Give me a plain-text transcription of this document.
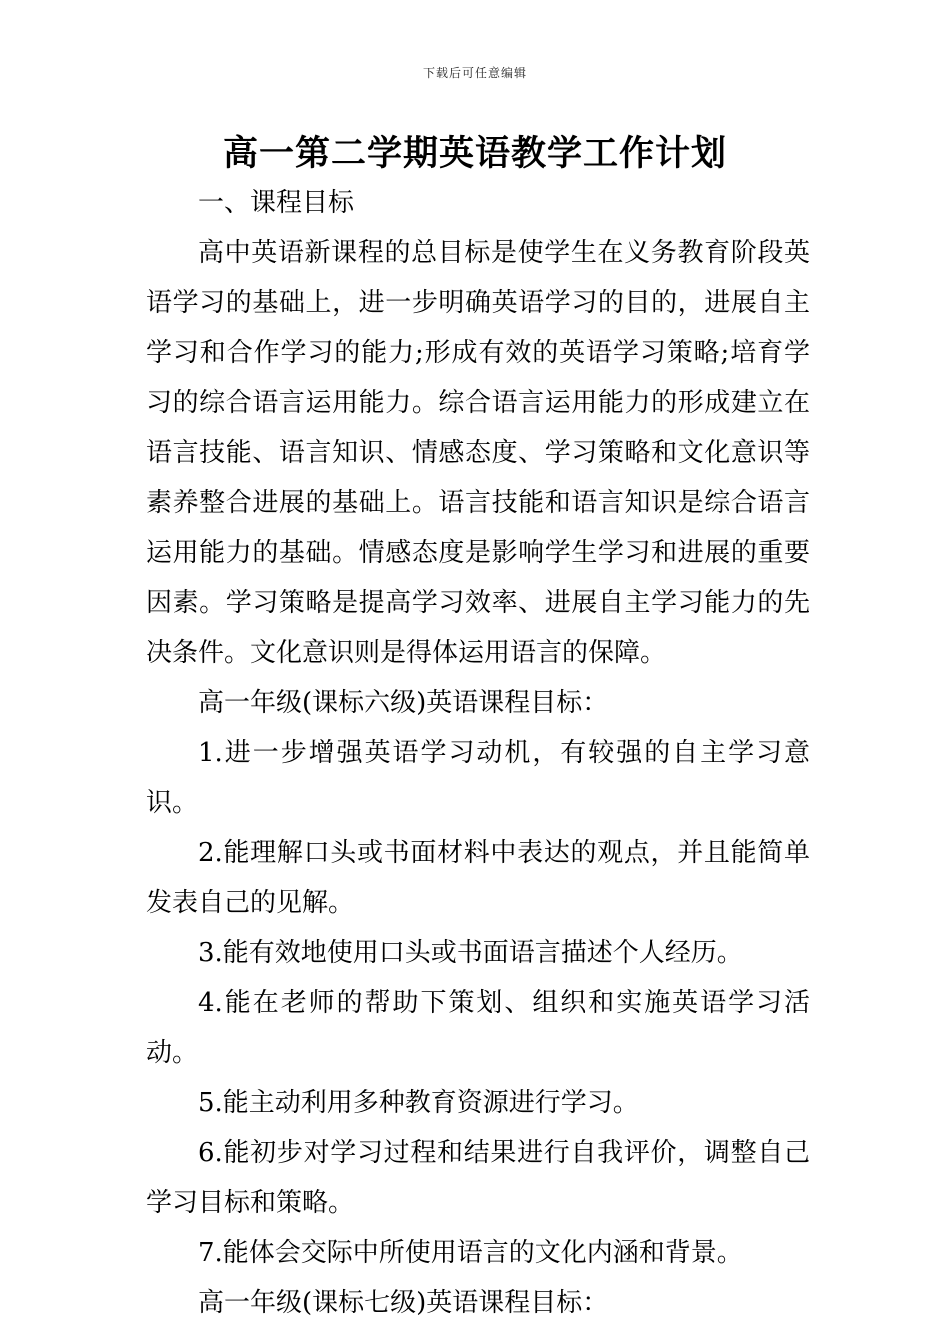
下载后可任意编辑
高一第二学期英语教学工作计划

一、课程目标

高中英语新课程的总目标是使学生在义务教育阶段英语学习的基础上，进一步明确英语学习的目的，进展自主学习和合作学习的能力;形成有效的英语学习策略;培育学习的综合语言运用能力。综合语言运用能力的形成建立在语言技能、语言知识、情感态度、学习策略和文化意识等素养整合进展的基础上。语言技能和语言知识是综合语言运用能力的基础。情感态度是影响学生学习和进展的重要因素。学习策略是提高学习效率、进展自主学习能力的先决条件。文化意识则是得体运用语言的保障。

高一年级(课标六级)英语课程目标：

1.进一步增强英语学习动机，有较强的自主学习意识。

2.能理解口头或书面材料中表达的观点，并且能简单发表自己的见解。

3.能有效地使用口头或书面语言描述个人经历。

4.能在老师的帮助下策划、组织和实施英语学习活动。

5.能主动利用多种教育资源进行学习。

6.能初步对学习过程和结果进行自我评价，调整自己学习目标和策略。

7.能体会交际中所使用语言的文化内涵和背景。

高一年级(课标七级)英语课程目标：
